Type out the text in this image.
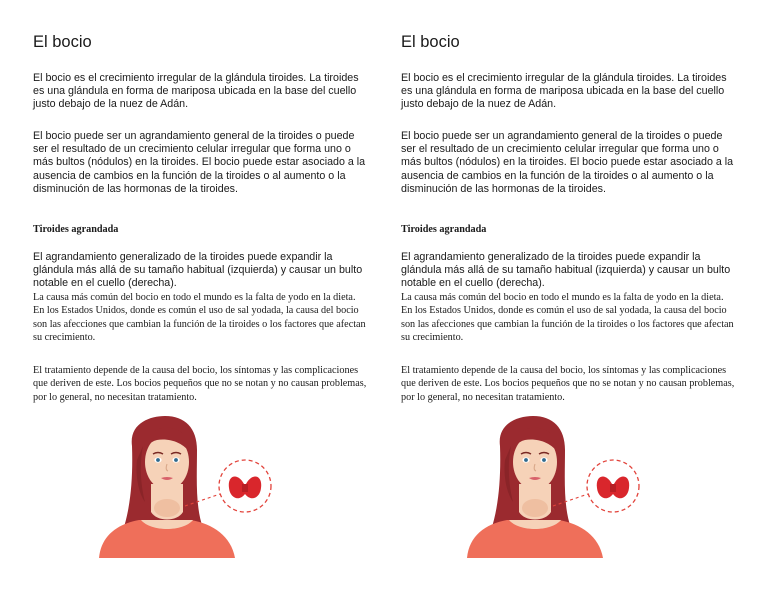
El bocio

El bocio es el crecimiento irregular de la glándula tiroides. La tiroides es una glándula en forma de mariposa ubicada en la base del cuello justo debajo de la nuez de Adán.

El bocio puede ser un agrandamiento general de la tiroides o puede ser el resultado de un crecimiento celular irregular que forma uno o más bultos (nódulos) en la tiroides. El bocio puede estar asociado a la ausencia de cambios en la función de la tiroides o al aumento o la disminución de las hormonas de la tiroides.

Tiroides agrandada

El agrandamiento generalizado de la tiroides puede expandir la glándula más allá de su tamaño habitual (izquierda) y causar un bulto notable en el cuello (derecha).

La causa más común del bocio en todo el mundo es la falta de yodo en la dieta. En los Estados Unidos, donde es común el uso de sal yodada, la causa del bocio son las afecciones que cambian la función de la tiroides o los factores que afectan su crecimiento.

El tratamiento depende de la causa del bocio, los síntomas y las complicaciones que deriven de este. Los bocios pequeños que no se notan y no causan problemas, por lo general, no necesitan tratamiento.

El bocio

El bocio es el crecimiento irregular de la glándula tiroides. La tiroides es una glándula en forma de mariposa ubicada en la base del cuello justo debajo de la nuez de Adán.

El bocio puede ser un agrandamiento general de la tiroides o puede ser el resultado de un crecimiento celular irregular que forma uno o más bultos (nódulos) en la tiroides. El bocio puede estar asociado a la ausencia de cambios en la función de la tiroides o al aumento o la disminución de las hormonas de la tiroides.

Tiroides agrandada

El agrandamiento generalizado de la tiroides puede expandir la glándula más allá de su tamaño habitual (izquierda) y causar un bulto notable en el cuello (derecha).

La causa más común del bocio en todo el mundo es la falta de yodo en la dieta. En los Estados Unidos, donde es común el uso de sal yodada, la causa del bocio son las afecciones que cambian la función de la tiroides o los factores que afectan su crecimiento.

El tratamiento depende de la causa del bocio, los síntomas y las complicaciones que deriven de este. Los bocios pequeños que no se notan y no causan problemas, por lo general, no necesitan tratamiento.
